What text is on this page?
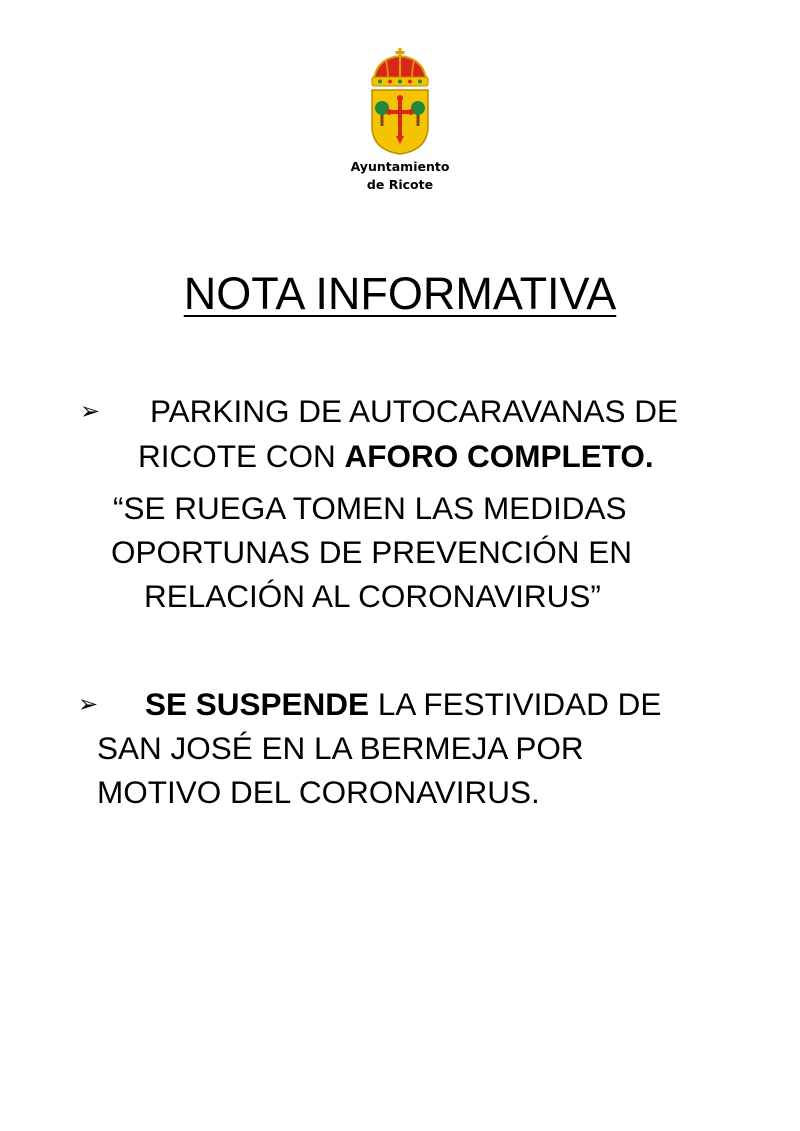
Ayuntamiento
de Ricote
NOTA INFORMATIVA
➢ PARKING DE AUTOCARAVANAS DE
RICOTE CON AFORO COMPLETO.
“SE RUEGA TOMEN LAS MEDIDAS
OPORTUNAS DE PREVENCIÓN EN
RELACIÓN AL CORONAVIRUS”
➢ SE SUSPENDE LA FESTIVIDAD DE
SAN JOSÉ EN LA BERMEJA POR
MOTIVO DEL CORONAVIRUS.
